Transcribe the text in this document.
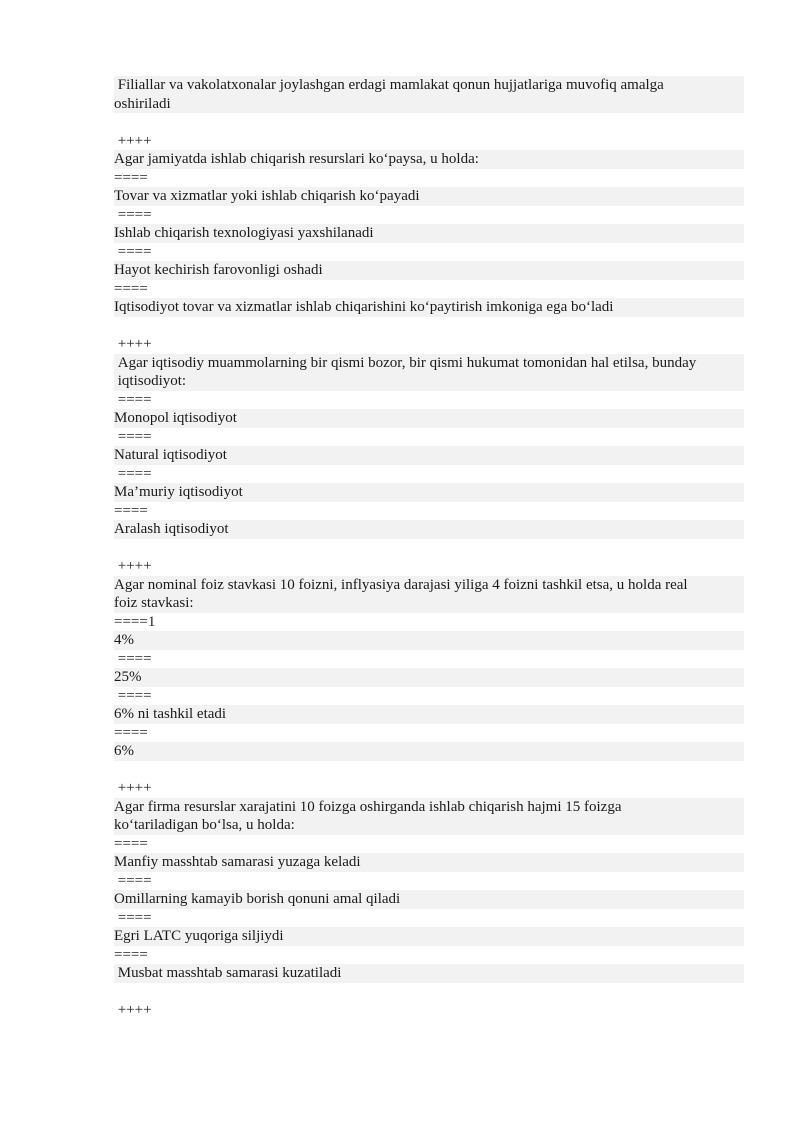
Filiallar va vakolatxonalar joylashgan erdagi mamlakat qonun hujjatlariga muvofiq amalga
oshiriladi
++++
Agar jamiyatda ishlab chiqarish resurslari ko‘paysa, u holda:
====
Tovar va xizmatlar yoki ishlab chiqarish ko‘payadi
====
Ishlab chiqarish texnologiyasi yaxshilanadi
====
Hayot kechirish farovonligi oshadi
====
Iqtisodiyot tovar va xizmatlar ishlab chiqarishini ko‘paytirish imkoniga ega bo‘ladi
++++
Agar iqtisodiy muammolarning bir qismi bozor, bir qismi hukumat tomonidan hal etilsa, bunday
iqtisodiyot:
====
Monopol iqtisodiyot
====
Natural iqtisodiyot
====
Ma’muriy iqtisodiyot
====
Aralash iqtisodiyot
++++
Agar nominal foiz stavkasi 10 foizni, inflyasiya darajasi yiligа 4 foizni tashkil etsa, u holda real
foiz stavkasi:
====1
4%
====
25%
====
6% ni tashkil etadi
====
6%
++++
Agar firma resurslar xarajatini 10 foizga oshirganda ishlab chiqarish hajmi 15 foizga
ko‘tariladigan bo‘lsa, u holda:
====
Manfiy masshtab samarasi yuzaga keladi
====
Omillarning kamayib borish qonuni amal qiladi
====
Egri LATC yuqoriga siljiydi
====
Musbat masshtab samarasi kuzatiladi
++++
